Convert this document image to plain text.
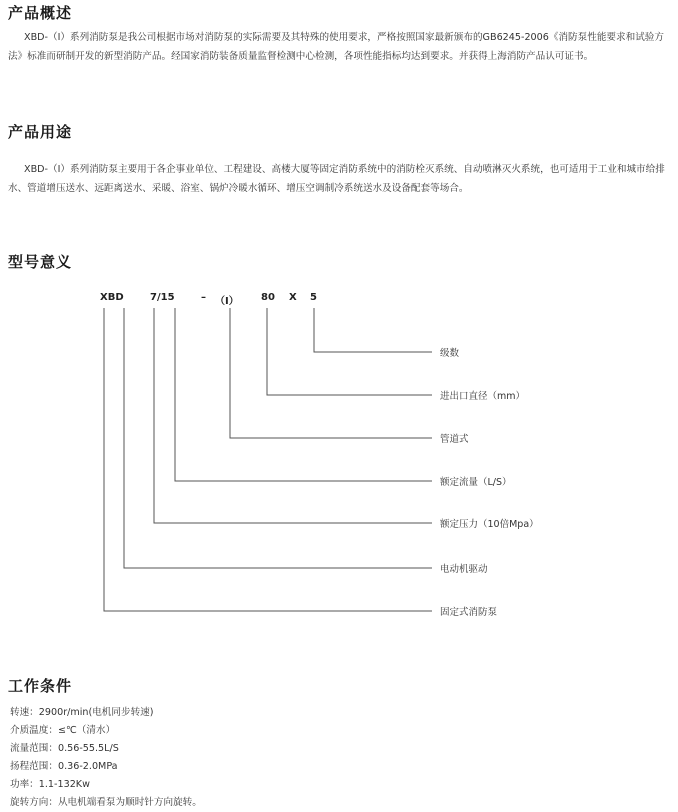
产品概述

XBD-（Ⅰ）系列消防泵是我公司根据市场对消防泵的实际需要及其特殊的使用要求，严格按照国家最新颁布的GB6245-2006《消防泵性能要求和试验方法》标准而研制开发的新型消防产品。经国家消防装备质量监督检测中心检测，各项性能指标均达到要求。并获得上海消防产品认可证书。

产品用途

XBD-（Ⅰ）系列消防泵主要用于各企事业单位、工程建设、高楼大厦等固定消防系统中的消防栓灭系统、自动喷淋灭火系统，也可适用于工业和城市给排水、管道增压送水、远距离送水、采暖、浴室、锅炉冷暖水循环、增压空调制冷系统送水及设备配套等场合。

型号意义
XBD	7/15	– （Ⅰ） 80 X 5
级数
进出口直径（mm）
管道式
额定流量（L/S）
额定压力（10倍Mpa）
电动机驱动
固定式消防泵
工作条件
转速：2900r/min(电机同步转速)
介质温度：≤℃（清水）
流量范围：0.56-55.5L/S
扬程范围：0.36-2.0MPa
功率：1.1-132Kw
旋转方向：从电机端看泵为顺时针方向旋转。
